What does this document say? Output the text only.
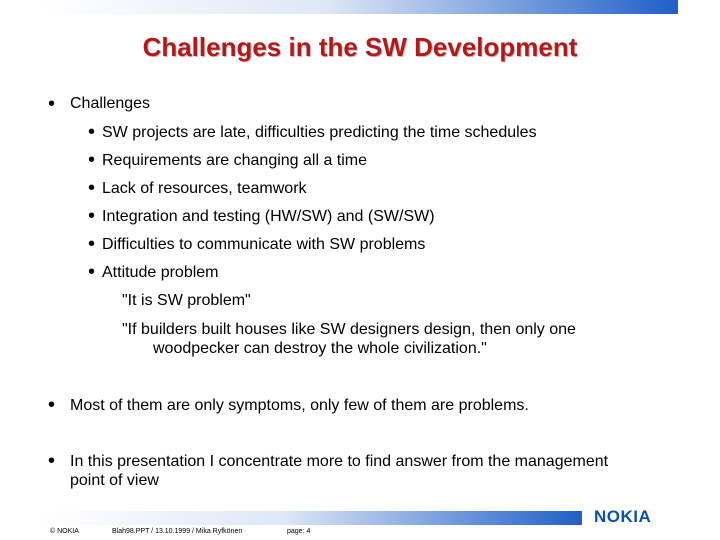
Challenges in the SW Development
• Challenges
• SW projects are late, difficulties predicting the time schedules
• Requirements are changing all a time
• Lack of resources, teamwork
• Integration and testing (HW/SW) and (SW/SW)
• Difficulties to communicate with SW problems
• Attitude problem
"It is SW problem"
"If builders built houses like SW designers design, then only one
woodpecker can destroy the whole civilization."
• Most of them are only symptoms, only few of them are problems.
• In this presentation I concentrate more to find answer from the management
point of view
© NOKIA	Blah98.PPT / 13.10.1999 / Mika Ryfkönen	page: 4
NOKIA
